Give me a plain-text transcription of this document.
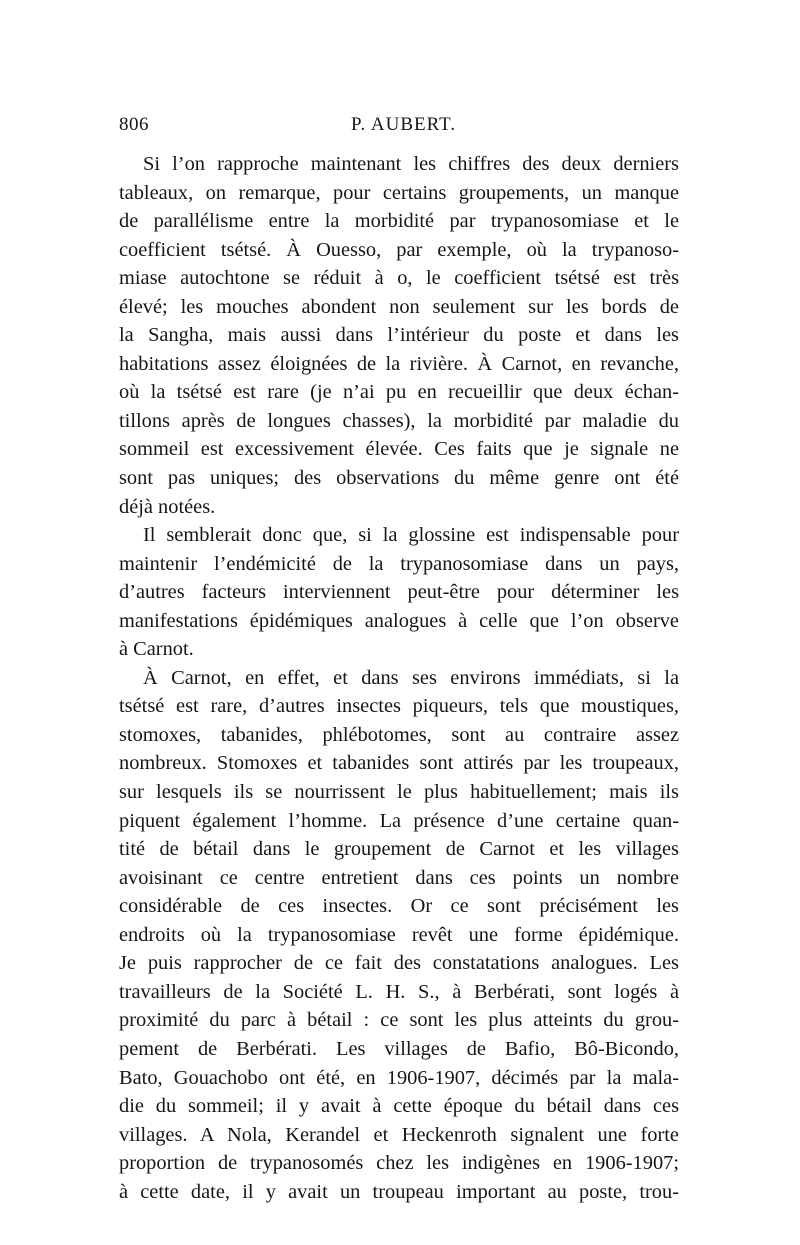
806	P. AUBERT.
Si l’on rapproche maintenant les chiffres des deux derniers
tableaux, on remarque, pour certains groupements, un manque
de parallélisme entre la morbidité par trypanosomiase et le
coefficient tsétsé. À Ouesso, par exemple, où la trypanoso-
miase autochtone se réduit à o, le coefficient tsétsé est très
élevé; les mouches abondent non seulement sur les bords de
la Sangha, mais aussi dans l’intérieur du poste et dans les
habitations assez éloignées de la rivière. À Carnot, en revanche,
où la tsétsé est rare (je n’ai pu en recueillir que deux échan-
tillons après de longues chasses), la morbidité par maladie du
sommeil est excessivement élevée. Ces faits que je signale ne
sont pas uniques; des observations du même genre ont été
déjà notées.
Il semblerait donc que, si la glossine est indispensable pour
maintenir l’endémicité de la trypanosomiase dans un pays,
d’autres facteurs interviennent peut-être pour déterminer les
manifestations épidémiques analogues à celle que l’on observe
à Carnot.
À Carnot, en effet, et dans ses environs immédiats, si la
tsétsé est rare, d’autres insectes piqueurs, tels que moustiques,
stomoxes, tabanides, phlébotomes, sont au contraire assez
nombreux. Stomoxes et tabanides sont attirés par les troupeaux,
sur lesquels ils se nourrissent le plus habituellement; mais ils
piquent également l’homme. La présence d’une certaine quan-
tité de bétail dans le groupement de Carnot et les villages
avoisinant ce centre entretient dans ces points un nombre
considérable de ces insectes. Or ce sont précisément les
endroits où la trypanosomiase revêt une forme épidémique.
Je puis rapprocher de ce fait des constatations analogues. Les
travailleurs de la Société L. H. S., à Berbérati, sont logés à
proximité du parc à bétail : ce sont les plus atteints du grou-
pement de Berbérati. Les villages de Bafio, Bô-Bicondo,
Bato, Gouachobo ont été, en 1906-1907, décimés par la mala-
die du sommeil; il y avait à cette époque du bétail dans ces
villages. A Nola, Kerandel et Heckenroth signalent une forte
proportion de trypanosomés chez les indigènes en 1906-1907;
à cette date, il y avait un troupeau important au poste, trou-
